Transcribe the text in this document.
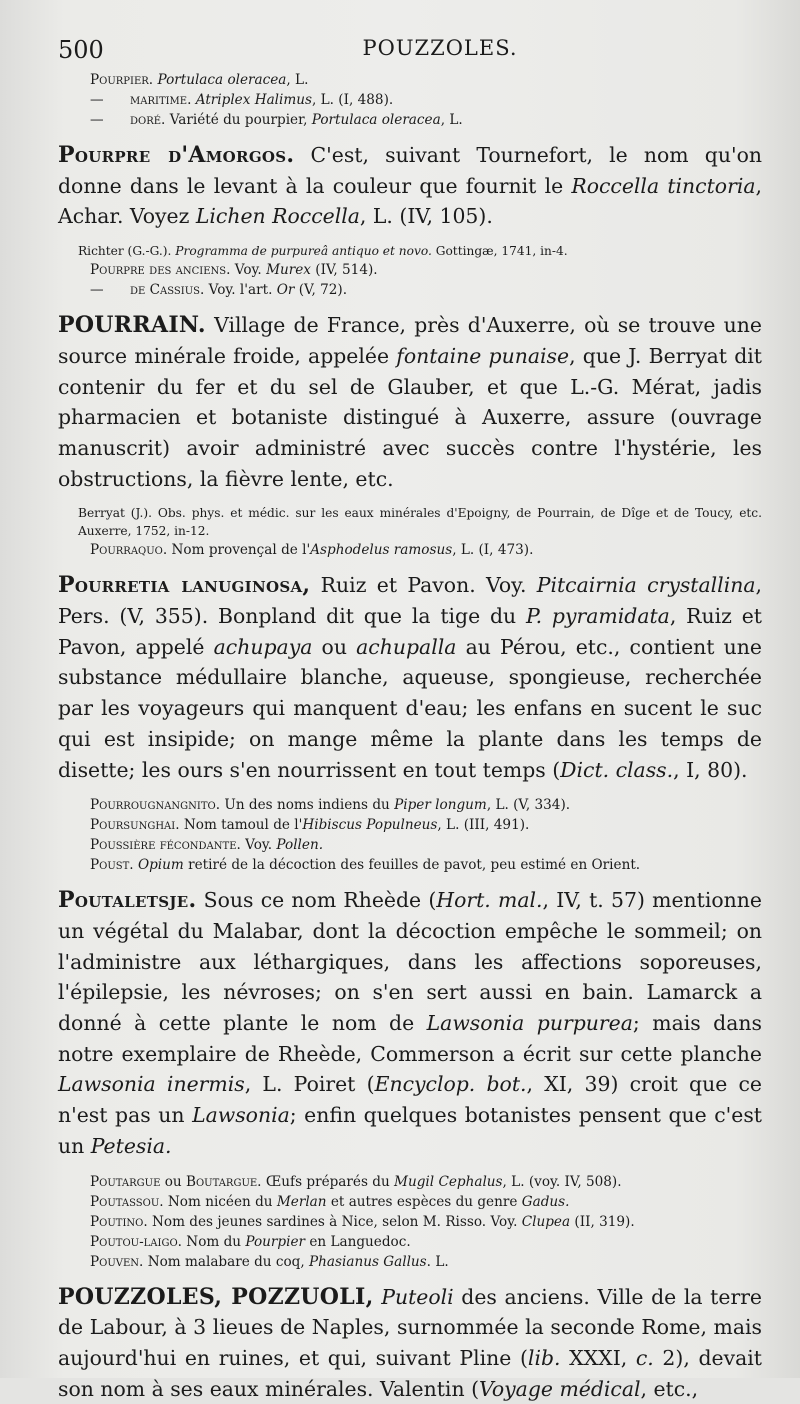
500	POUZZOLES.

Pourpier. Portulaca oleracea, L.

— maritime. Atriplex Halimus, L. (I, 488).

— doré. Variété du pourpier, Portulaca oleracea, L.

Pourpre d'Amorgos. C'est, suivant Tournefort, le nom qu'on donne dans le levant à la couleur que fournit le Roccella tinctoria, Achar. Voyez Lichen Roccella, L. (IV, 105).

Richter (G.-G.). Programma de purpureâ antiquo et novo. Gottingæ, 1741, in-4.

Pourpre des anciens. Voy. Murex (IV, 514).

— de Cassius. Voy. l'art. Or (V, 72).

POURRAIN. Village de France, près d'Auxerre, où se trouve une source minérale froide, appelée fontaine punaise, que J. Berryat dit contenir du fer et du sel de Glauber, et que L.-G. Mérat, jadis pharmacien et botaniste distingué à Auxerre, assure (ouvrage manuscrit) avoir administré avec succès contre l'hystérie, les obstructions, la fièvre lente, etc.

Berryat (J.). Obs. phys. et médic. sur les eaux minérales d'Epoigny, de Pourrain, de Dîge et de Toucy, etc. Auxerre, 1752, in-12.

Pourraquo. Nom provençal de l'Asphodelus ramosus, L. (I, 473).

Pourretia lanuginosa, Ruiz et Pavon. Voy. Pitcairnia crystallina, Pers. (V, 355). Bonpland dit que la tige du P. pyramidata, Ruiz et Pavon, appelé achupaya ou achupalla au Pérou, etc., contient une substance médullaire blanche, aqueuse, spongieuse, recherchée par les voyageurs qui manquent d'eau; les enfans en sucent le suc qui est insipide; on mange même la plante dans les temps de disette; les ours s'en nourrissent en tout temps (Dict. class., I, 80).

Pourrougnangnito. Un des noms indiens du Piper longum, L. (V, 334).

Poursunghai. Nom tamoul de l'Hibiscus Populneus, L. (III, 491).

Poussière fécondante. Voy. Pollen.

Poust. Opium retiré de la décoction des feuilles de pavot, peu estimé en Orient.

Poutaletsje. Sous ce nom Rheède (Hort. mal., IV, t. 57) mentionne un végétal du Malabar, dont la décoction empêche le sommeil; on l'administre aux léthargiques, dans les affections soporeuses, l'épilepsie, les névroses; on s'en sert aussi en bain. Lamarck a donné à cette plante le nom de Lawsonia purpurea; mais dans notre exemplaire de Rheède, Commerson a écrit sur cette planche Lawsonia inermis, L. Poiret (Encyclop. bot., XI, 39) croit que ce n'est pas un Lawsonia; enfin quelques botanistes pensent que c'est un Petesia.

Poutargue ou Boutargue. Œufs préparés du Mugil Cephalus, L. (voy. IV, 508).

Poutassou. Nom nicéen du Merlan et autres espèces du genre Gadus.

Poutino. Nom des jeunes sardines à Nice, selon M. Risso. Voy. Clupea (II, 319).

Poutou-laigo. Nom du Pourpier en Languedoc.

Pouven. Nom malabare du coq, Phasianus Gallus. L.

POUZZOLES, POZZUOLI, Puteoli des anciens. Ville de la terre de Labour, à 3 lieues de Naples, surnommée la seconde Rome, mais aujourd'hui en ruines, et qui, suivant Pline (lib. XXXI, c. 2), devait son nom à ses eaux minérales. Valentin (Voyage médical, etc.,
